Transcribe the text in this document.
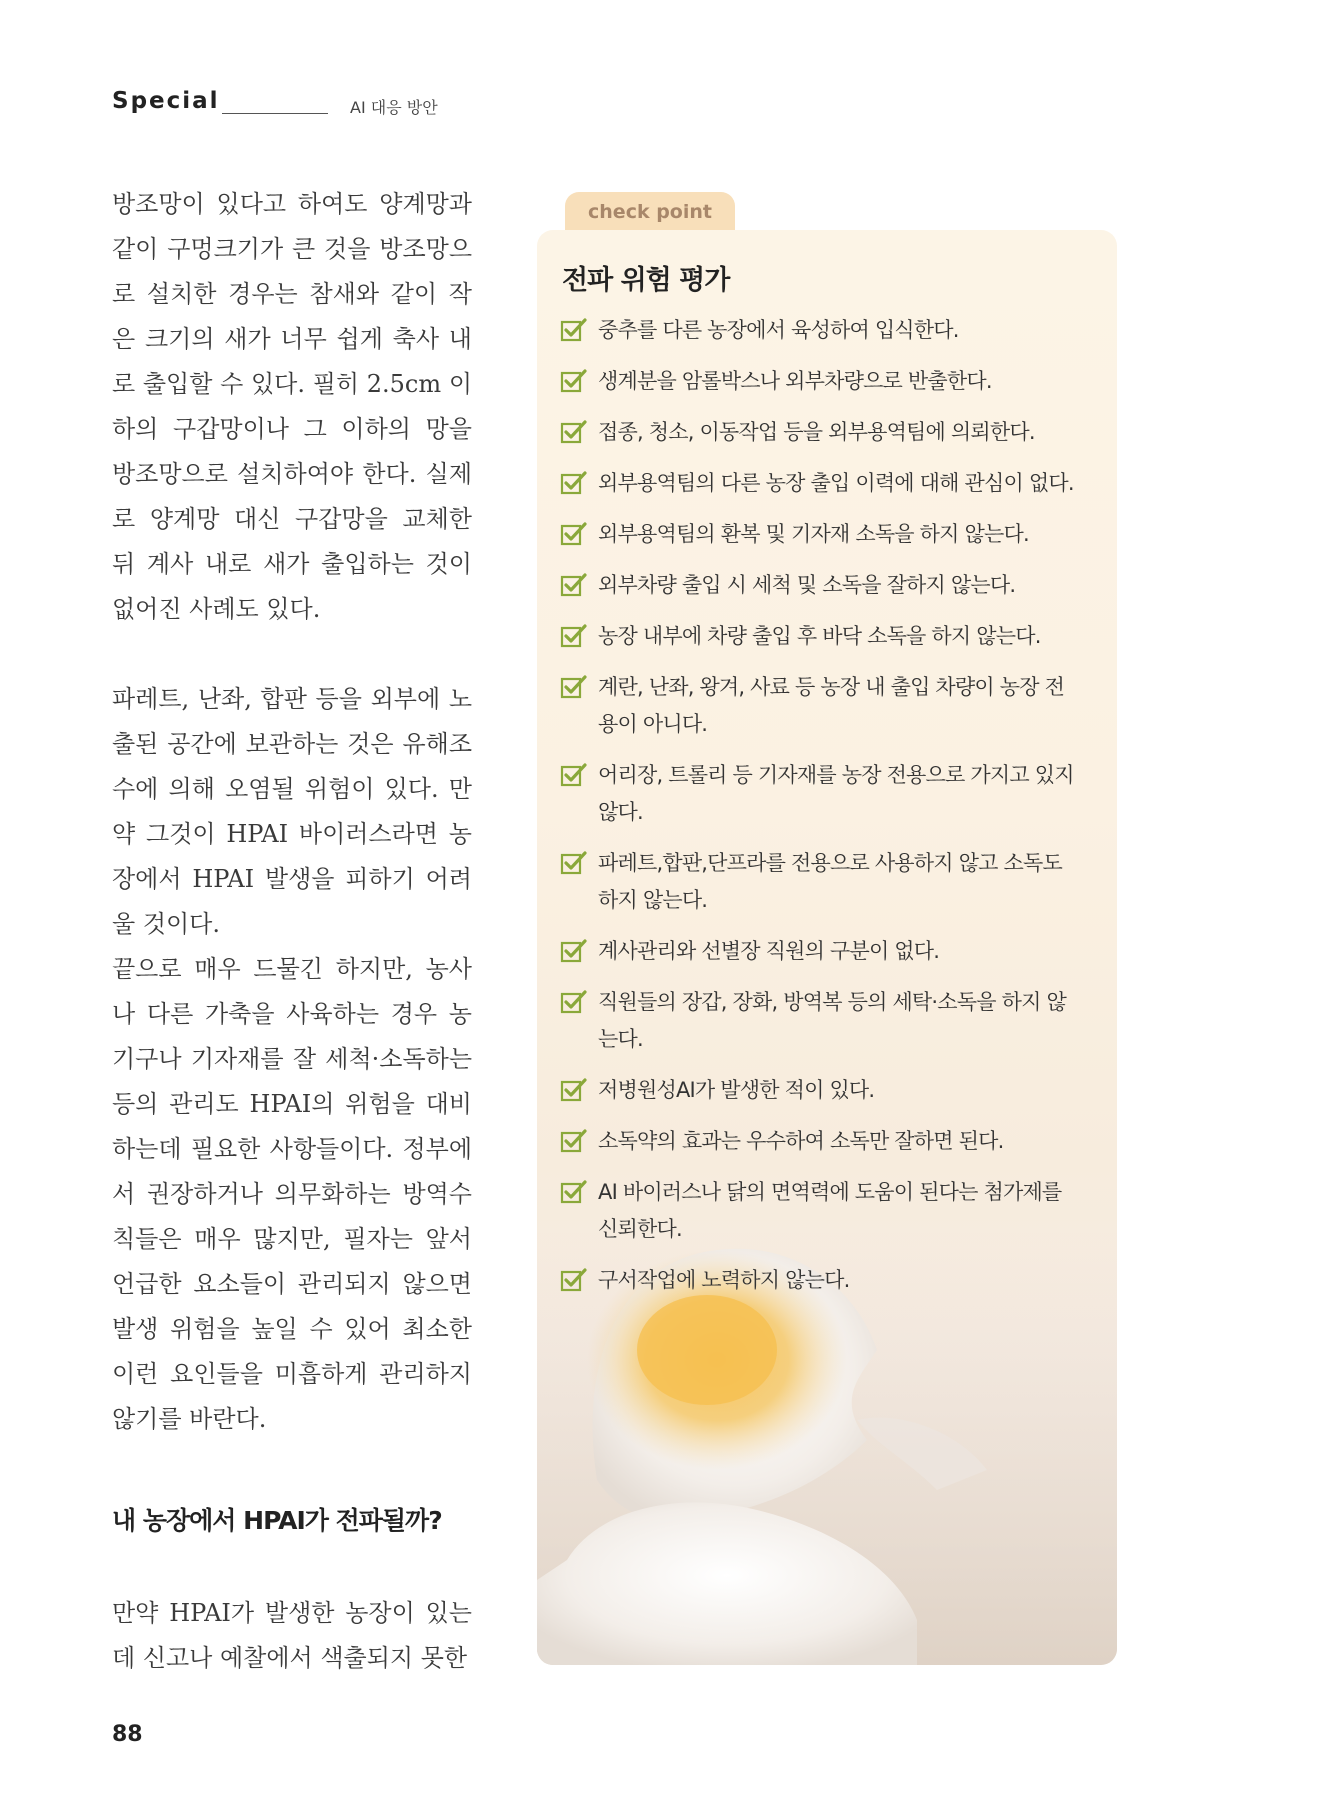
Special	AI 대응 방안

방조망이 있다고 하여도 양계망과 같이 구멍크기가 큰 것을 방조망으로 설치한 경우는 참새와 같이 작은 크기의 새가 너무 쉽게 축사 내로 출입할 수 있다. 필히 2.5cm 이하의 구갑망이나 그 이하의 망을 방조망으로 설치하여야 한다. 실제로 양계망 대신 구갑망을 교체한 뒤 계사 내로 새가 출입하는 것이 없어진 사례도 있다.

파레트, 난좌, 합판 등을 외부에 노출된 공간에 보관하는 것은 유해조수에 의해 오염될 위험이 있다. 만약 그것이 HPAI 바이러스라면 농장에서 HPAI 발생을 피하기 어려울 것이다.

끝으로 매우 드물긴 하지만, 농사나 다른 가축을 사육하는 경우 농기구나 기자재를 잘 세척·소독하는 등의 관리도 HPAI의 위험을 대비하는데 필요한 사항들이다. 정부에서 권장하거나 의무화하는 방역수칙들은 매우 많지만, 필자는 앞서 언급한 요소들이 관리되지 않으면 발생 위험을 높일 수 있어 최소한 이런 요인들을 미흡하게 관리하지 않기를 바란다.

내 농장에서 HPAI가 전파될까?

만약 HPAI가 발생한 농장이 있는데 신고나 예찰에서 색출되지 못한

check point
전파 위험 평가
중추를 다른 농장에서 육성하여 입식한다.
생계분을 암롤박스나 외부차량으로 반출한다.
접종, 청소, 이동작업 등을 외부용역팀에 의뢰한다.
외부용역팀의 다른 농장 출입 이력에 대해 관심이 없다.
외부용역팀의 환복 및 기자재 소독을 하지 않는다.
외부차량 출입 시 세척 및 소독을 잘하지 않는다.
농장 내부에 차량 출입 후 바닥 소독을 하지 않는다.
계란, 난좌, 왕겨, 사료 등 농장 내 출입 차량이 농장 전용이 아니다.
어리장, 트롤리 등 기자재를 농장 전용으로 가지고 있지 않다.
파레트,합판,단프라를 전용으로 사용하지 않고 소독도 하지 않는다.
계사관리와 선별장 직원의 구분이 없다.
직원들의 장갑, 장화, 방역복 등의 세탁·소독을 하지 않는다.
저병원성AI가 발생한 적이 있다.
소독약의 효과는 우수하여 소독만 잘하면 된다.
AI 바이러스나 닭의 면역력에 도움이 된다는 첨가제를 신뢰한다.
구서작업에 노력하지 않는다.
88
